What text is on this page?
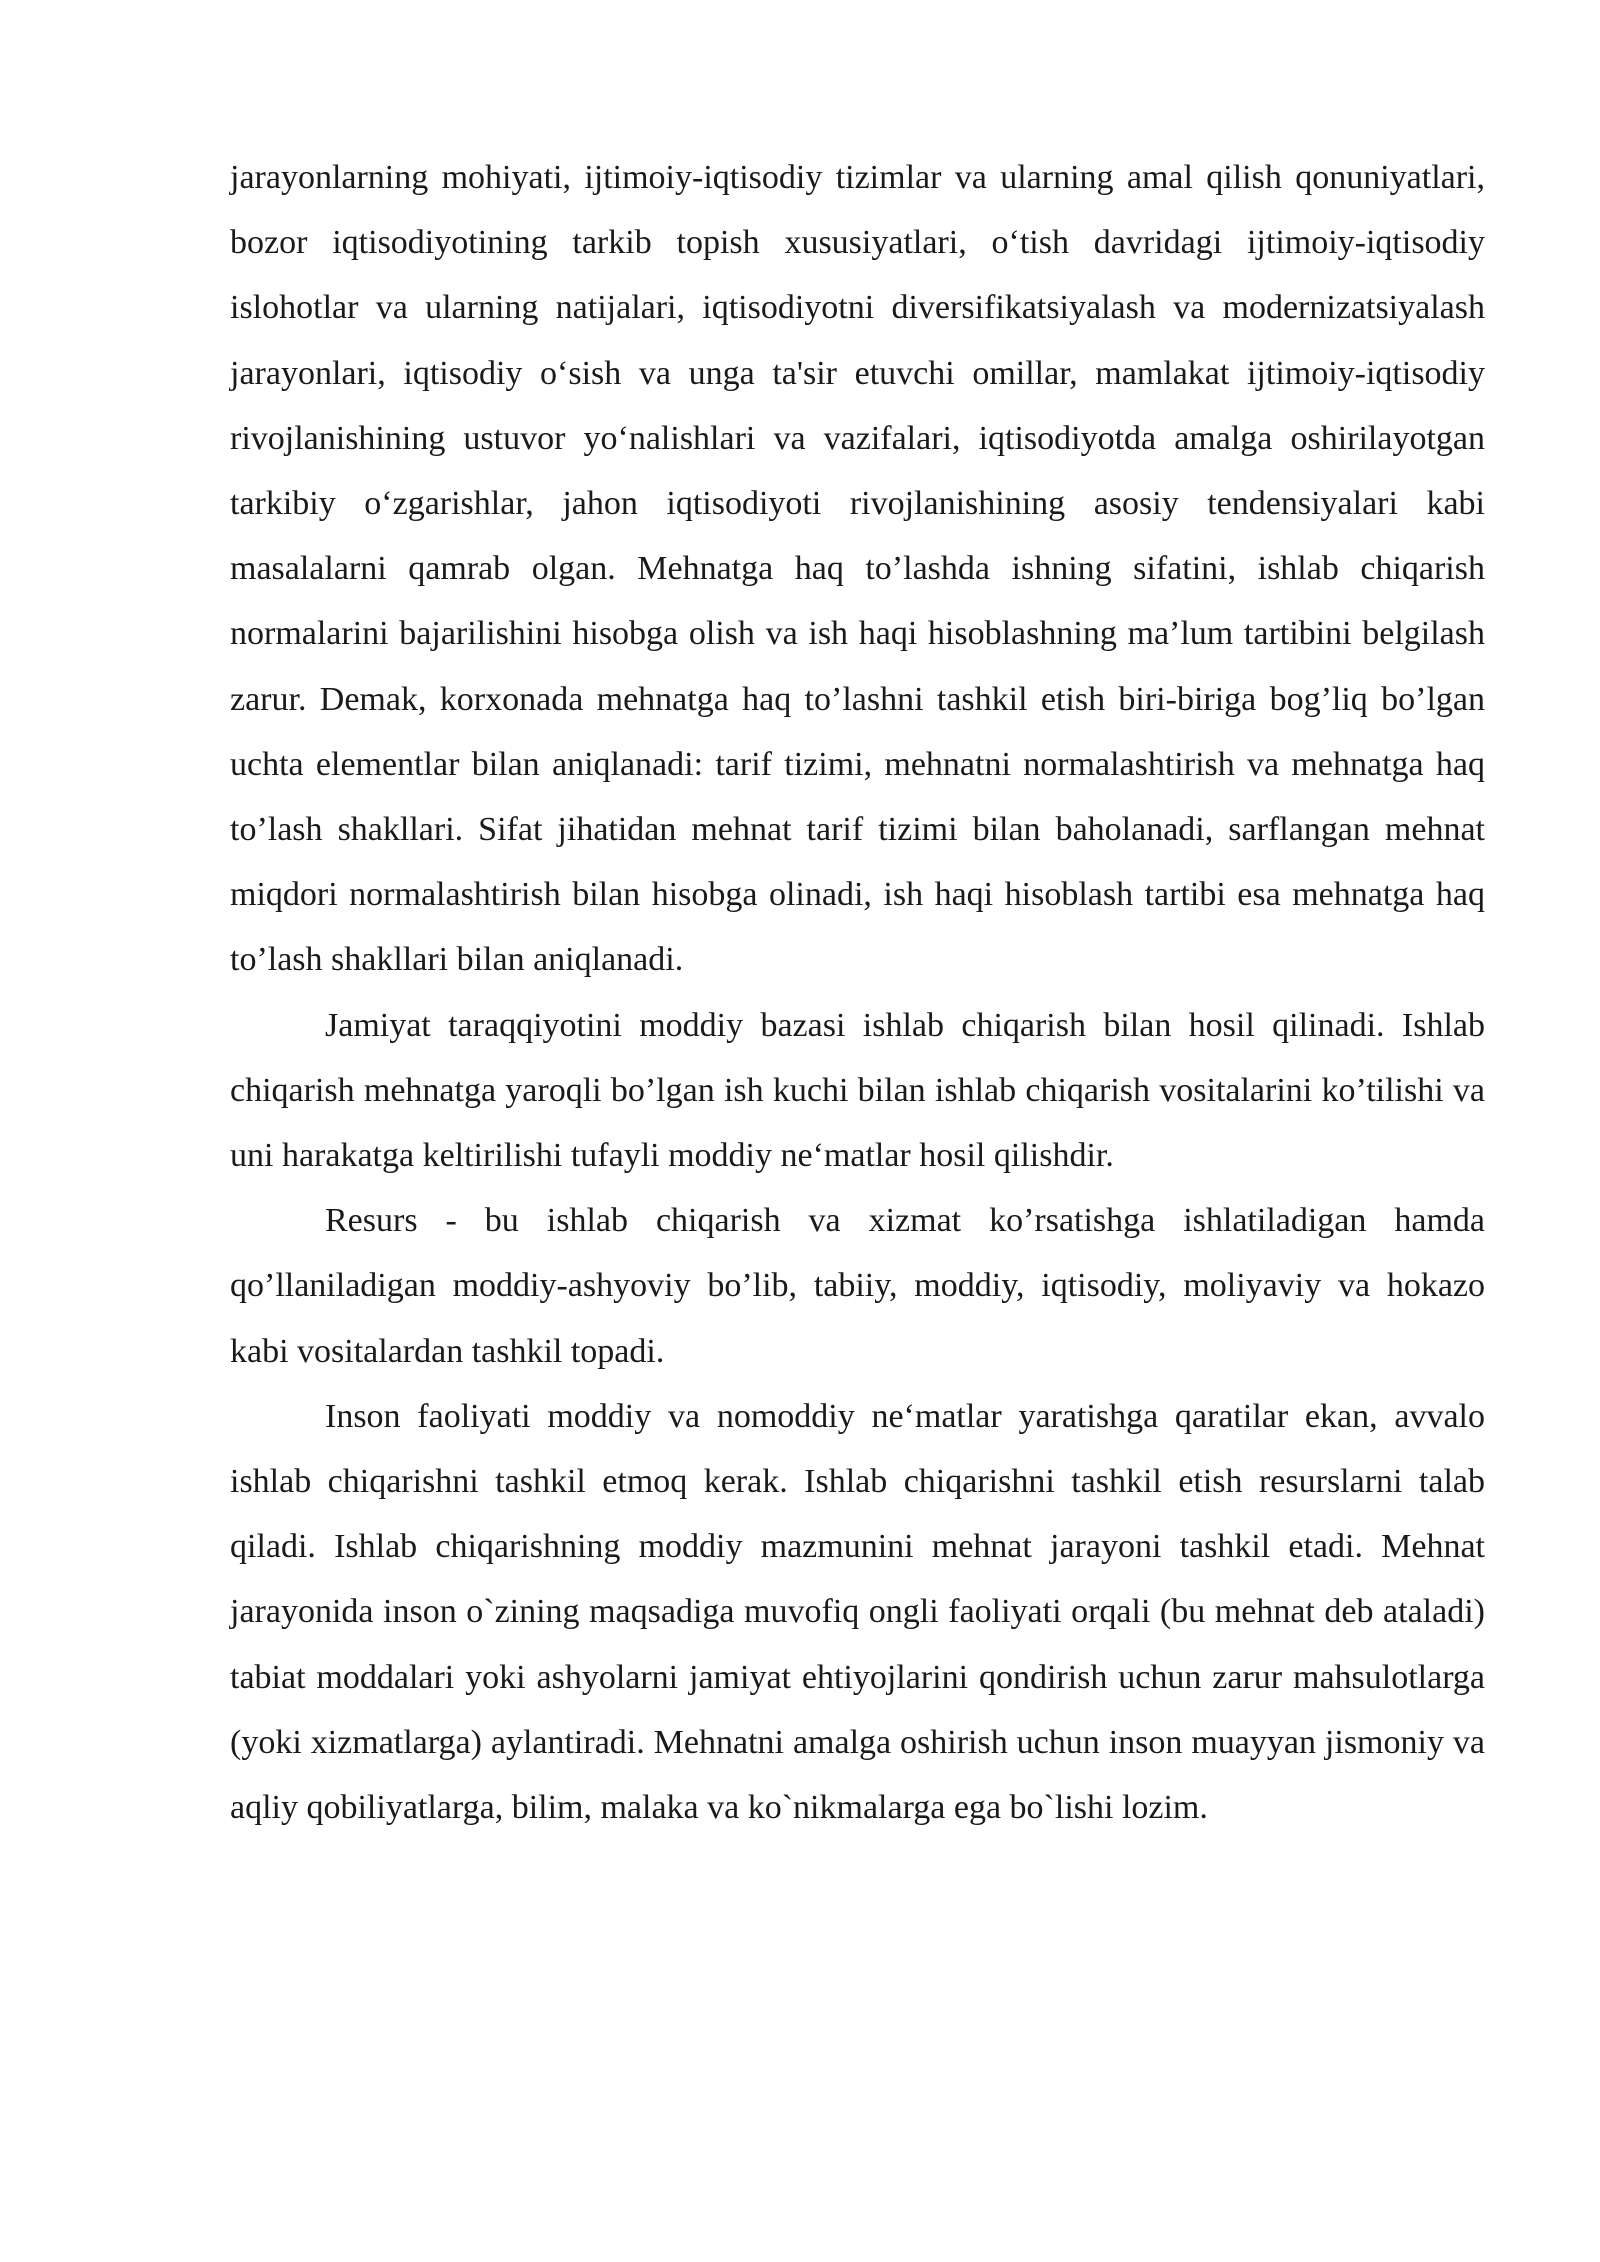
jarayonlarning mohiyati, ijtimoiy-iqtisodiy tizimlar va ularning amal qilish qonuniyatlari, bozor iqtisodiyotining tarkib topish xususiyatlari, o‘tish davridagi ijtimoiy-iqtisodiy islohotlar va ularning natijalari, iqtisodiyotni diversifikatsiyalash va modernizatsiyalash jarayonlari, iqtisodiy o‘sish va unga ta'sir etuvchi omillar, mamlakat ijtimoiy-iqtisodiy rivojlanishining ustuvor yo‘nalishlari va vazifalari, iqtisodiyotda amalga oshirilayotgan tarkibiy o‘zgarishlar, jahon iqtisodiyoti rivojlanishining asosiy tendensiyalari kabi masalalarni qamrab olgan. Mehnatga haq to’lashda ishning sifatini, ishlab chiqarish normalarini bajarilishini hisobga olish va ish haqi hisoblashning ma’lum tartibini belgilash zarur. Demak, korxonada mehnatga haq to’lashni tashkil etish biri-biriga bog’liq bo’lgan uchta elementlar bilan aniqlanadi: tarif tizimi, mehnatni normalashtirish va mehnatga haq to’lash shakllari. Sifat jihatidan mehnat tarif tizimi bilan baholanadi, sarflangan mehnat miqdori normalashtirish bilan hisobga olinadi, ish haqi hisoblash tartibi esa mehnatga haq to’lash shakllari bilan aniqlanadi.

Jamiyat taraqqiyotini moddiy bazasi ishlab chiqarish bilan hosil qilinadi. Ishlab chiqarish mehnatga yaroqli bo’lgan ish kuchi bilan ishlab chiqarish vositalarini ko’tilishi va uni harakatga keltirilishi tufayli moddiy ne‘matlar hosil qilishdir.

Resurs - bu ishlab chiqarish va xizmat ko’rsatishga ishlatiladigan hamda qo’llaniladigan moddiy-ashyoviy bo’lib, tabiiy, moddiy, iqtisodiy, moliyaviy va hokazo kabi vositalardan tashkil topadi.

Inson faoliyati moddiy va nomoddiy ne‘matlar yaratishga qaratilar ekan, avvalo ishlab chiqarishni tashkil etmoq kerak. Ishlab chiqarishni tashkil etish resurslarni talab qiladi. Ishlab chiqarishning moddiy mazmunini mehnat jarayoni tashkil etadi. Mehnat jarayonida inson o`zining maqsadiga muvofiq ongli faoliyati orqali (bu mehnat deb ataladi) tabiat moddalari yoki ashyolarni jamiyat ehtiyojlarini qondirish uchun zarur mahsulotlarga (yoki xizmatlarga) aylantiradi. Mehnatni amalga oshirish uchun inson muayyan jismoniy va aqliy qobiliyatlarga, bilim, malaka va ko`nikmalarga ega bo`lishi lozim.
